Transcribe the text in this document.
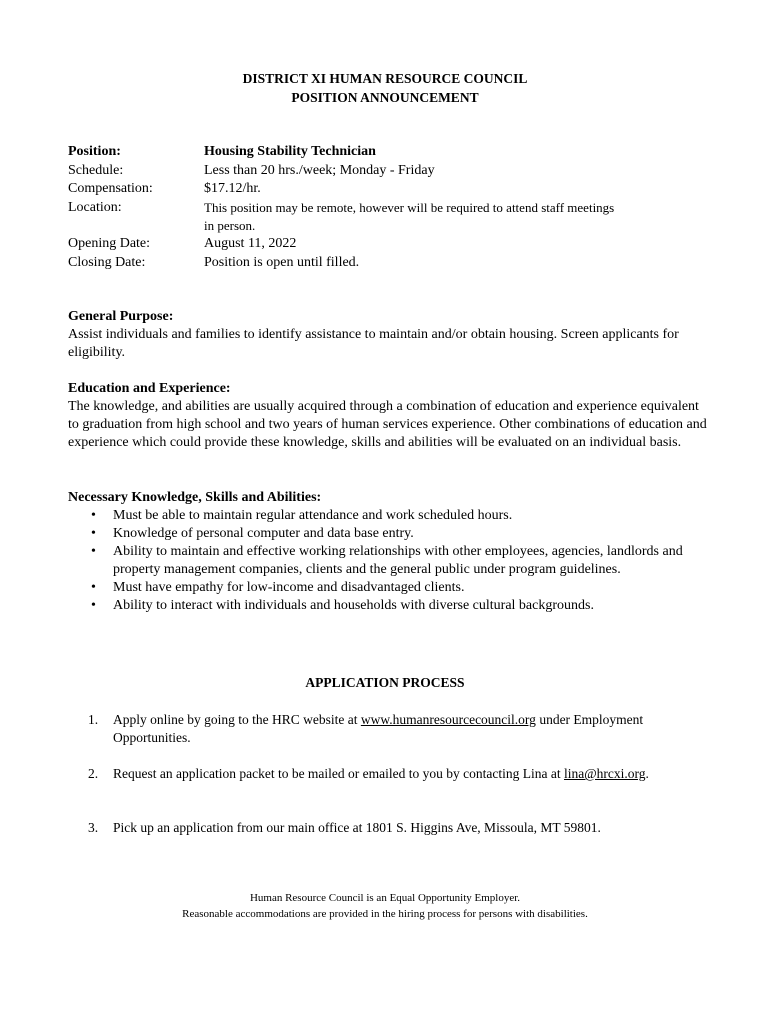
DISTRICT XI HUMAN RESOURCE COUNCIL
POSITION ANNOUNCEMENT
Position:	Housing Stability Technician
Schedule:	Less than 20 hrs./week; Monday - Friday
Compensation:	$17.12/hr.
Location:	This position may be remote, however will be required to attend staff meetings
in person.
Opening Date:	August 11, 2022
Closing Date:	Position is open until filled.
General Purpose:

Assist individuals and families to identify assistance to maintain and/or obtain housing. Screen applicants for eligibility.

Education and Experience:

The knowledge, and abilities are usually acquired through a combination of education and experience equivalent to graduation from high school and two years of human services experience. Other combinations of education and experience which could provide these knowledge, skills and abilities will be evaluated on an individual basis.

Necessary Knowledge, Skills and Abilities:
• Must be able to maintain regular attendance and work scheduled hours.
• Knowledge of personal computer and data base entry.
• Ability to maintain and effective working relationships with other employees, agencies, landlords and property management companies, clients and the general public under program guidelines.
• Must have empathy for low-income and disadvantaged clients.
• Ability to interact with individuals and households with diverse cultural backgrounds.
APPLICATION PROCESS
1. Apply online by going to the HRC website at www.humanresourcecouncil.org under Employment Opportunities.
2. Request an application packet to be mailed or emailed to you by contacting Lina at lina@hrcxi.org.
3. Pick up an application from our main office at 1801 S. Higgins Ave, Missoula, MT 59801.
Human Resource Council is an Equal Opportunity Employer.
Reasonable accommodations are provided in the hiring process for persons with disabilities.
